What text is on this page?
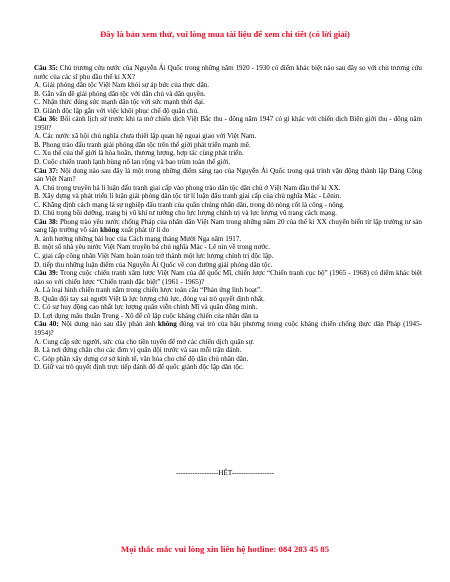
Đây là bản xem thử, vui lòng mua tài liệu để xem chi tiết (có lời giải)

Câu 35: Chủ trương cứu nước của Nguyễn Ái Quốc trong những năm 1920 - 1930 có điểm khác biệt nào sau đây so với chủ trương cứu nước của các sĩ phu đầu thế kỉ XX?

A. Giải phóng dân tộc Việt Nam khỏi sự áp bức của thực dân.

B. Gắn vấn đề giải phóng dân tộc với dân chủ và dân quyền.

C. Nhận thức đúng sức mạnh dân tộc với sức mạnh thời đại.

D. Giành độc lập gắn với việc khôi phục chế độ quân chủ.

Câu 36: Bối cảnh lịch sử trước khi ta mở chiến dịch Việt Bắc thu - đông năm 1947 có gì khác với chiến dịch Biên giới thu - đông năm 1950?

A. Các nước xã hội chủ nghĩa chưa thiết lập quan hệ ngoại giao với Việt Nam.

B. Phong trào đấu tranh giải phóng dân tộc trên thế giới phát triển mạnh mẽ.

C. Xu thế của thế giới là hòa hoãn, thương lượng, hợp tác cùng phát triển.

D. Cuộc chiến tranh lạnh bùng nổ lan rộng và bao trùm toàn thế giới.

Câu 37: Nội dung nào sau đây là một trong những điểm sáng tạo của Nguyễn Ái Quốc trong quá trình vận động thành lập Đảng Cộng sản Việt Nam?

A. Chú trọng truyền bá lí luận đấu tranh giai cấp vào phong trào dân tộc dân chủ ở Việt Nam đầu thế kỉ XX.

B. Xây dựng và phát triển lí luận giải phóng dân tộc từ lí luận đấu tranh giai cấp của chủ nghĩa Mác - Lênin.

C. Khẳng định cách mạng là sự nghiệp đấu tranh của quần chúng nhân dân, trong đó nòng cốt là công - nông.

D. Chú trọng bồi dưỡng, trang bị vũ khí tư tưởng cho lực lượng chính trị và lực lượng vũ trang cách mạng.

Câu 38: Phong trào yêu nước chống Pháp của nhân dân Việt Nam trong những năm 20 của thế kỉ XX chuyển biến từ lập trường tư sản sang lập trường vô sản không xuất phát từ lí do

A. ảnh hưởng những bài học của Cách mạng tháng Mười Nga năm 1917.

B. một số nhà yêu nước Việt Nam truyền bá chủ nghĩa Mác - Lê nin về trong nước.

C. giai cấp công nhân Việt Nam hoàn toàn trở thành một lực lượng chính trị độc lập.

D. tiếp thu những luận điểm của Nguyễn Ái Quốc về con đường giải phóng dân tộc.

Câu 39: Trong cuộc chiến tranh xâm lược Việt Nam của đế quốc Mĩ, chiến lược “Chiến tranh cục bộ” (1965 - 1968) có điểm khác biệt nào so với chiến lược “Chiến tranh đặc biệt” (1961 - 1965)?

A. Là loại hình chiến tranh nằm trong chiến lược toàn cầu “Phản ứng linh hoạt”.

B. Quân đội tay sai người Việt là lực lượng chủ lực, đóng vai trò quyết định nhất.

C. Có sự huy động cao nhất lực lượng quân viễn chinh Mĩ và quân đồng minh.

D. Lợi dụng mâu thuẫn Trung - Xô để cô lập cuộc kháng chiến của nhân dân ta

Câu 40: Nội dung nào sau đây phản ánh không đúng vai trò của hậu phương trong cuộc kháng chiến chống thực dân Pháp (1945-1954)?

A. Cung cấp sức người, sức của cho tiền tuyến để mở các chiến dịch quân sự.

B. Là nơi đứng chân cho các đơn vị quân đội trước và sau mỗi trận đánh.

C. Góp phần xây dựng cơ sở kinh tế, văn hóa cho chế độ dân chủ nhân dân.

D. Giữ vai trò quyết định trực tiếp đánh đổ đế quốc giành độc lập dân tộc.

------------------HẾT------------------
Mọi thắc mắc vui lòng xin liên hệ hotline: 084 283 45 85
